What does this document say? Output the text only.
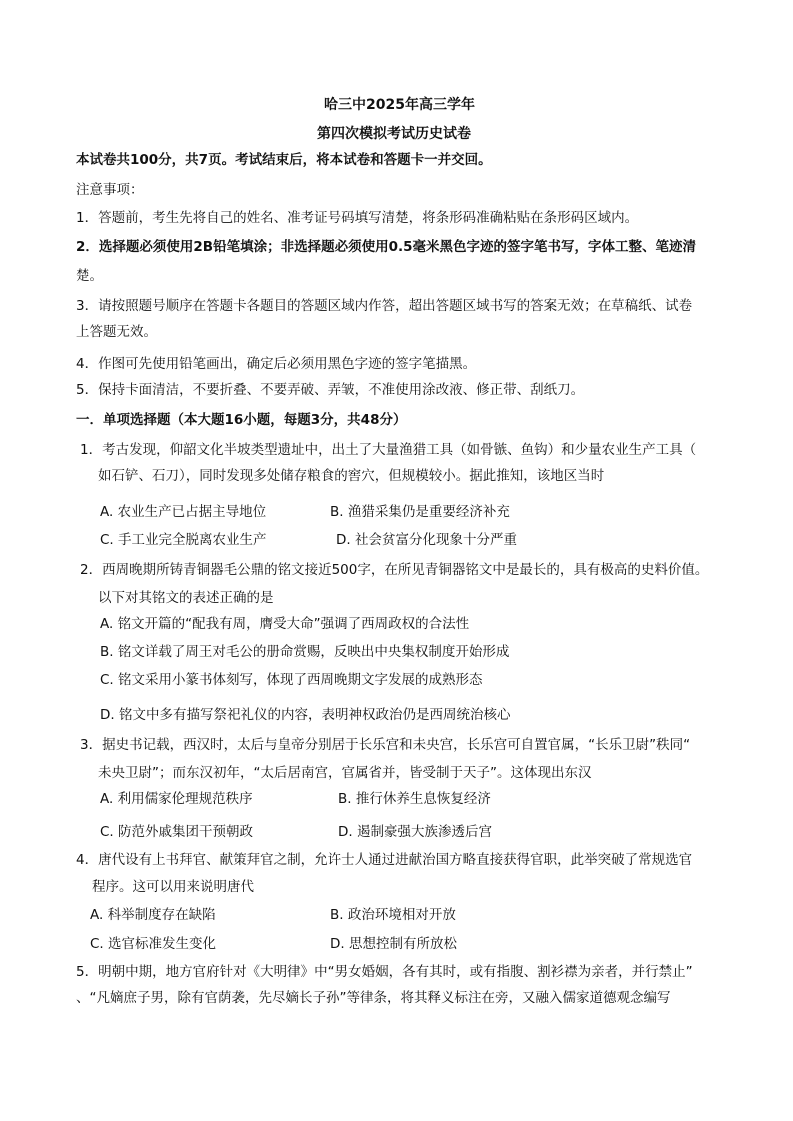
哈三中2025年高三学年
第四次模拟考试历史试卷
本试卷共100分，共7页。考试结束后，将本试卷和答题卡一并交回。
注意事项：
1．答题前，考生先将自己的姓名、准考证号码填写清楚，将条形码准确粘贴在条形码区域内。
2．选择题必须使用2B铅笔填涂；非选择题必须使用0.5毫米黑色字迹的签字笔书写，字体工整、笔迹清
楚。
3．请按照题号顺序在答题卡各题目的答题区域内作答，超出答题区域书写的答案无效；在草稿纸、试卷
上答题无效。
4．作图可先使用铅笔画出，确定后必须用黑色字迹的签字笔描黑。
5．保持卡面清洁，不要折叠、不要弄破、弄皱，不准使用涂改液、修正带、刮纸刀。
一．单项选择题（本大题16小题，每题3分，共48分）
1．考古发现，仰韶文化半坡类型遗址中，出土了大量渔猎工具（如骨镞、鱼钩）和少量农业生产工具（
如石铲、石刀），同时发现多处储存粮食的窖穴，但规模较小。据此推知，该地区当时
A. 农业生产已占据主导地位	B. 渔猎采集仍是重要经济补充
C. 手工业完全脱离农业生产	D. 社会贫富分化现象十分严重
2．西周晚期所铸青铜器毛公鼎的铭文接近500字，在所见青铜器铭文中是最长的，具有极高的史料价值。
以下对其铭文的表述正确的是
A. 铭文开篇的“配我有周，膺受大命”强调了西周政权的合法性
B. 铭文详载了周王对毛公的册命赏赐，反映出中央集权制度开始形成
C. 铭文采用小篆书体刻写，体现了西周晚期文字发展的成熟形态
D. 铭文中多有描写祭祀礼仪的内容，表明神权政治仍是西周统治核心
3．据史书记载，西汉时，太后与皇帝分别居于长乐宫和未央宫，长乐宫可自置官属，“长乐卫尉”秩同“
未央卫尉”；而东汉初年，“太后居南宫，官属省并，皆受制于天子”。这体现出东汉
A. 利用儒家伦理规范秩序	B. 推行休养生息恢复经济
C. 防范外戚集团干预朝政	D. 遏制豪强大族渗透后宫
4．唐代设有上书拜官、献策拜官之制，允许士人通过进献治国方略直接获得官职，此举突破了常规选官
程序。这可以用来说明唐代
A. 科举制度存在缺陷	B. 政治环境相对开放
C. 选官标准发生变化	D. 思想控制有所放松
5．明朝中期，地方官府针对《大明律》中“男女婚姻，各有其时，或有指腹、割衫襟为亲者，并行禁止”
、“凡嫡庶子男，除有官荫袭，先尽嫡长子孙”等律条，将其释义标注在旁，又融入儒家道德观念编写
